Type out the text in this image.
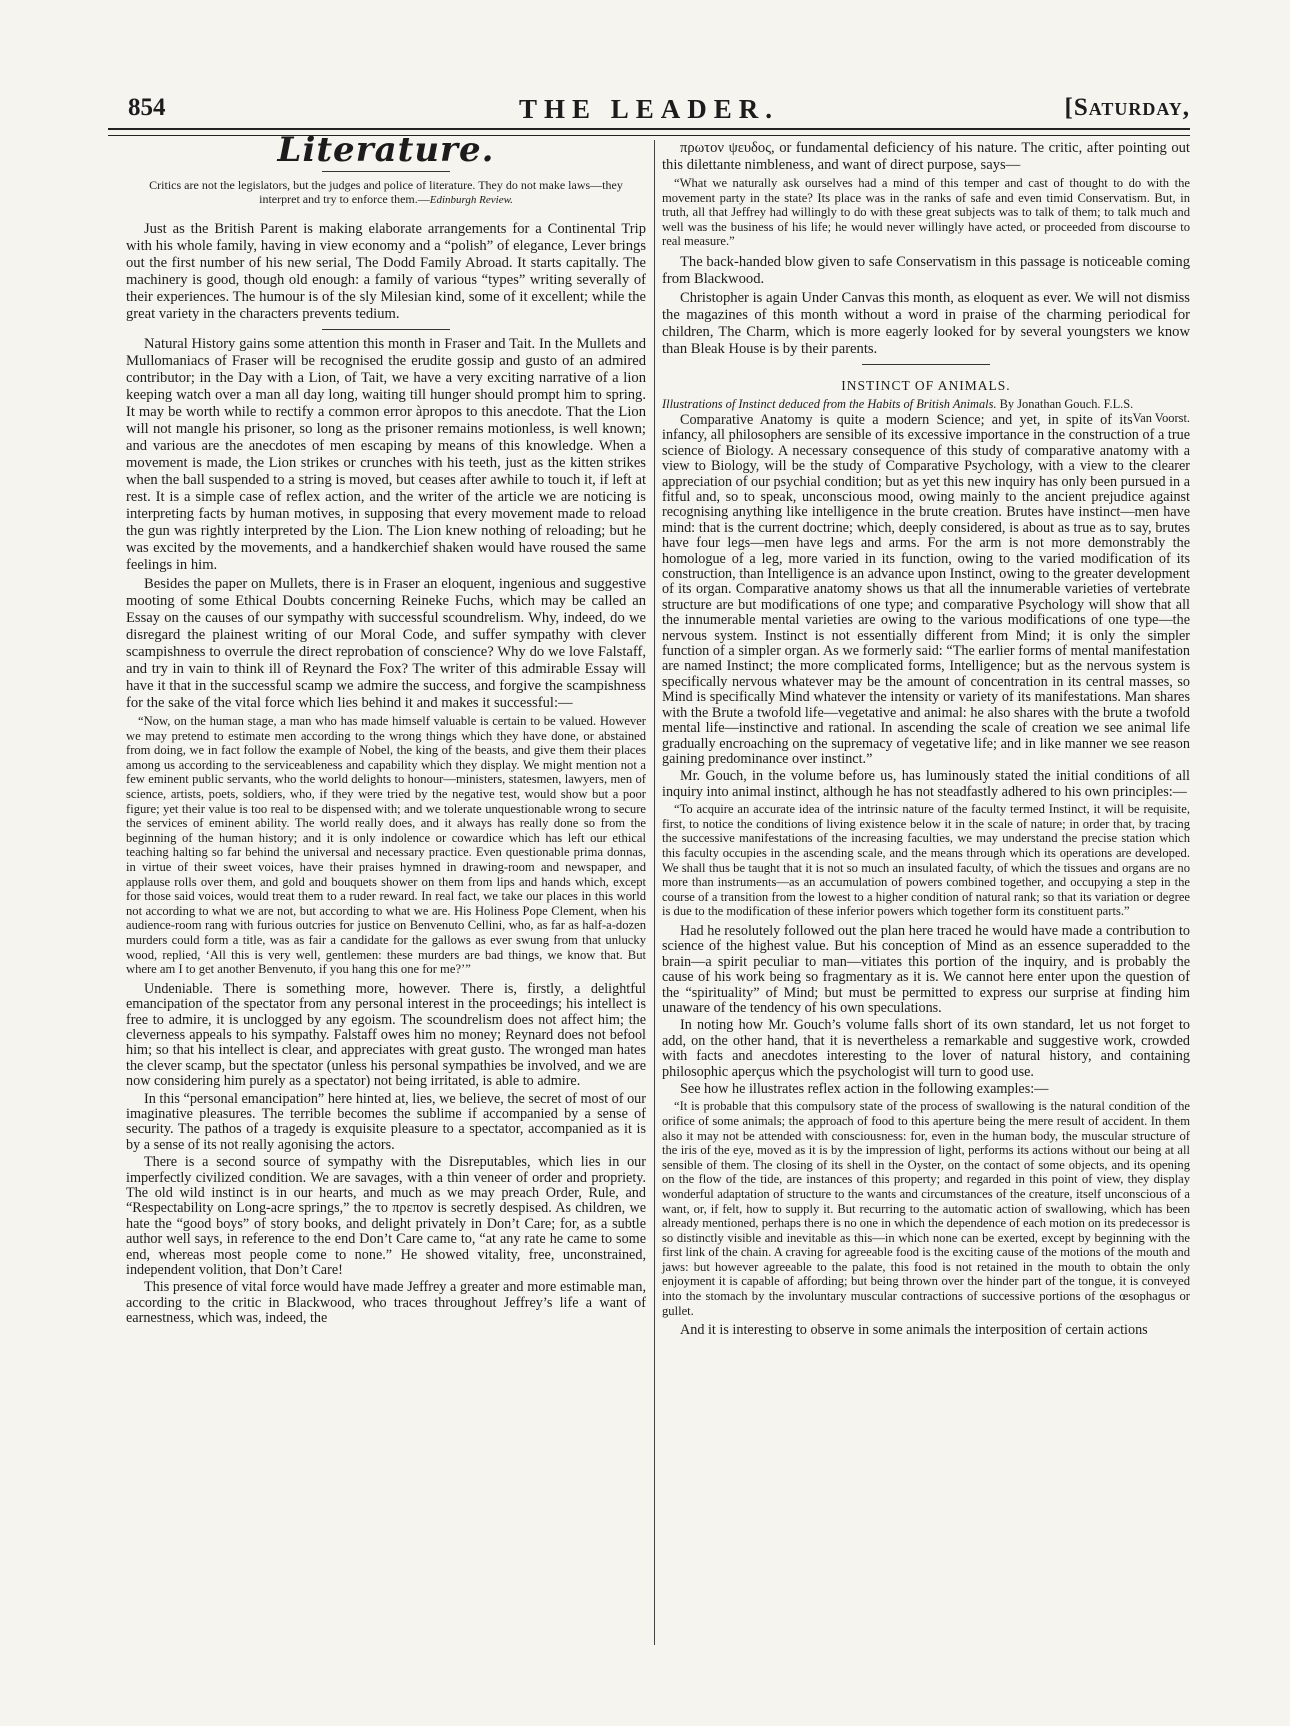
854	THE LEADER.	[Saturday,
Literature.
Critics are not the legislators, but the judges and police of literature. They do not make laws—they interpret and try to enforce them.—Edinburgh Review.

Just as the British Parent is making elaborate arrangements for a Continental Trip with his whole family, having in view economy and a “polish” of elegance, Lever brings out the first number of his new serial, The Dodd Family Abroad. It starts capitally. The machinery is good, though old enough: a family of various “types” writing severally of their experiences. The humour is of the sly Milesian kind, some of it excellent; while the great variety in the characters prevents tedium.

Natural History gains some attention this month in Fraser and Tait. In the Mullets and Mullomaniacs of Fraser will be recognised the erudite gossip and gusto of an admired contributor; in the Day with a Lion, of Tait, we have a very exciting narrative of a lion keeping watch over a man all day long, waiting till hunger should prompt him to spring. It may be worth while to rectify a common error àpropos to this anecdote. That the Lion will not mangle his prisoner, so long as the prisoner remains motionless, is well known; and various are the anecdotes of men escaping by means of this knowledge. When a movement is made, the Lion strikes or crunches with his teeth, just as the kitten strikes when the ball suspended to a string is moved, but ceases after awhile to touch it, if left at rest. It is a simple case of reflex action, and the writer of the article we are noticing is interpreting facts by human motives, in supposing that every movement made to reload the gun was rightly interpreted by the Lion. The Lion knew nothing of reloading; but he was excited by the movements, and a handkerchief shaken would have roused the same feelings in him.

Besides the paper on Mullets, there is in Fraser an eloquent, ingenious and suggestive mooting of some Ethical Doubts concerning Reineke Fuchs, which may be called an Essay on the causes of our sympathy with successful scoundrelism. Why, indeed, do we disregard the plainest writing of our Moral Code, and suffer sympathy with clever scampishness to overrule the direct reprobation of conscience? Why do we love Falstaff, and try in vain to think ill of Reynard the Fox? The writer of this admirable Essay will have it that in the successful scamp we admire the success, and forgive the scampishness for the sake of the vital force which lies behind it and makes it successful:—

“Now, on the human stage, a man who has made himself valuable is certain to be valued. However we may pretend to estimate men according to the wrong things which they have done, or abstained from doing, we in fact follow the example of Nobel, the king of the beasts, and give them their places among us according to the serviceableness and capability which they display. We might mention not a few eminent public servants, who the world delights to honour—ministers, statesmen, lawyers, men of science, artists, poets, soldiers, who, if they were tried by the negative test, would show but a poor figure; yet their value is too real to be dispensed with; and we tolerate unquestionable wrong to secure the services of eminent ability. The world really does, and it always has really done so from the beginning of the human history; and it is only indolence or cowardice which has left our ethical teaching halting so far behind the universal and necessary practice. Even questionable prima donnas, in virtue of their sweet voices, have their praises hymned in drawing-room and newspaper, and applause rolls over them, and gold and bouquets shower on them from lips and hands which, except for those said voices, would treat them to a ruder reward. In real fact, we take our places in this world not according to what we are not, but according to what we are. His Holiness Pope Clement, when his audience-room rang with furious outcries for justice on Benvenuto Cellini, who, as far as half-a-dozen murders could form a title, was as fair a candidate for the gallows as ever swung from that unlucky wood, replied, ‘All this is very well, gentlemen: these murders are bad things, we know that. But where am I to get another Benvenuto, if you hang this one for me?’”

Undeniable. There is something more, however. There is, firstly, a delightful emancipation of the spectator from any personal interest in the proceedings; his intellect is free to admire, it is unclogged by any egoism. The scoundrelism does not affect him; the cleverness appeals to his sympathy. Falstaff owes him no money; Reynard does not befool him; so that his intellect is clear, and appreciates with great gusto. The wronged man hates the clever scamp, but the spectator (unless his personal sympathies be involved, and we are now considering him purely as a spectator) not being irritated, is able to admire.

In this “personal emancipation” here hinted at, lies, we believe, the secret of most of our imaginative pleasures. The terrible becomes the sublime if accompanied by a sense of security. The pathos of a tragedy is exquisite pleasure to a spectator, accompanied as it is by a sense of its not really agonising the actors.

There is a second source of sympathy with the Disreputables, which lies in our imperfectly civilized condition. We are savages, with a thin veneer of order and propriety. The old wild instinct is in our hearts, and much as we may preach Order, Rule, and “Respectability on Long-acre springs,” the το πρεπον is secretly despised. As children, we hate the “good boys” of story books, and delight privately in Don’t Care; for, as a subtle author well says, in reference to the end Don’t Care came to, “at any rate he came to some end, whereas most people come to none.” He showed vitality, free, unconstrained, independent volition, that Don’t Care!

This presence of vital force would have made Jeffrey a greater and more estimable man, according to the critic in Blackwood, who traces throughout Jeffrey’s life a want of earnestness, which was, indeed, the

πρωτον ψευδος, or fundamental deficiency of his nature. The critic, after pointing out this dilettante nimbleness, and want of direct purpose, says—

“What we naturally ask ourselves had a mind of this temper and cast of thought to do with the movement party in the state? Its place was in the ranks of safe and even timid Conservatism. But, in truth, all that Jeffrey had willingly to do with these great subjects was to talk of them; to talk much and well was the business of his life; he would never willingly have acted, or proceeded from discourse to real measure.”

The back-handed blow given to safe Conservatism in this passage is noticeable coming from Blackwood.

Christopher is again Under Canvas this month, as eloquent as ever. We will not dismiss the magazines of this month without a word in praise of the charming periodical for children, The Charm, which is more eagerly looked for by several youngsters we know than Bleak House is by their parents.

INSTINCT OF ANIMALS.

Illustrations of Instinct deduced from the Habits of British Animals. By Jonathan Gouch. F.L.S.
Van Voorst.

Comparative Anatomy is quite a modern Science; and yet, in spite of its infancy, all philosophers are sensible of its excessive importance in the construction of a true science of Biology. A necessary consequence of this study of comparative anatomy with a view to Biology, will be the study of Comparative Psychology, with a view to the clearer appreciation of our psychial condition; but as yet this new inquiry has only been pursued in a fitful and, so to speak, unconscious mood, owing mainly to the ancient prejudice against recognising anything like intelligence in the brute creation. Brutes have instinct—men have mind: that is the current doctrine; which, deeply considered, is about as true as to say, brutes have four legs—men have legs and arms. For the arm is not more demonstrably the homologue of a leg, more varied in its function, owing to the varied modification of its construction, than Intelligence is an advance upon Instinct, owing to the greater development of its organ. Comparative anatomy shows us that all the innumerable varieties of vertebrate structure are but modifications of one type; and comparative Psychology will show that all the innumerable mental varieties are owing to the various modifications of one type—the nervous system. Instinct is not essentially different from Mind; it is only the simpler function of a simpler organ. As we formerly said: “The earlier forms of mental manifestation are named Instinct; the more complicated forms, Intelligence; but as the nervous system is specifically nervous whatever may be the amount of concentration in its central masses, so Mind is specifically Mind whatever the intensity or variety of its manifestations. Man shares with the Brute a twofold life—vegetative and animal: he also shares with the brute a twofold mental life—instinctive and rational. In ascending the scale of creation we see animal life gradually encroaching on the supremacy of vegetative life; and in like manner we see reason gaining predominance over instinct.”

Mr. Gouch, in the volume before us, has luminously stated the initial conditions of all inquiry into animal instinct, although he has not steadfastly adhered to his own principles:—

“To acquire an accurate idea of the intrinsic nature of the faculty termed Instinct, it will be requisite, first, to notice the conditions of living existence below it in the scale of nature; in order that, by tracing the successive manifestations of the increasing faculties, we may understand the precise station which this faculty occupies in the ascending scale, and the means through which its operations are developed. We shall thus be taught that it is not so much an insulated faculty, of which the tissues and organs are no more than instruments—as an accumulation of powers combined together, and occupying a step in the course of a transition from the lowest to a higher condition of natural rank; so that its variation or degree is due to the modification of these inferior powers which together form its constituent parts.”

Had he resolutely followed out the plan here traced he would have made a contribution to science of the highest value. But his conception of Mind as an essence superadded to the brain—a spirit peculiar to man—vitiates this portion of the inquiry, and is probably the cause of his work being so fragmentary as it is. We cannot here enter upon the question of the “spirituality” of Mind; but must be permitted to express our surprise at finding him unaware of the tendency of his own speculations.

In noting how Mr. Gouch’s volume falls short of its own standard, let us not forget to add, on the other hand, that it is nevertheless a remarkable and suggestive work, crowded with facts and anecdotes interesting to the lover of natural history, and containing philosophic aperçus which the psychologist will turn to good use.

See how he illustrates reflex action in the following examples:—

“It is probable that this compulsory state of the process of swallowing is the natural condition of the orifice of some animals; the approach of food to this aperture being the mere result of accident. In them also it may not be attended with consciousness: for, even in the human body, the muscular structure of the iris of the eye, moved as it is by the impression of light, performs its actions without our being at all sensible of them. The closing of its shell in the Oyster, on the contact of some objects, and its opening on the flow of the tide, are instances of this property; and regarded in this point of view, they display wonderful adaptation of structure to the wants and circumstances of the creature, itself unconscious of a want, or, if felt, how to supply it. But recurring to the automatic action of swallowing, which has been already mentioned, perhaps there is no one in which the dependence of each motion on its predecessor is so distinctly visible and inevitable as this—in which none can be exerted, except by beginning with the first link of the chain. A craving for agreeable food is the exciting cause of the motions of the mouth and jaws: but however agreeable to the palate, this food is not retained in the mouth to obtain the only enjoyment it is capable of affording; but being thrown over the hinder part of the tongue, it is conveyed into the stomach by the involuntary muscular contractions of successive portions of the œsophagus or gullet.

And it is interesting to observe in some animals the interposition of certain actions
